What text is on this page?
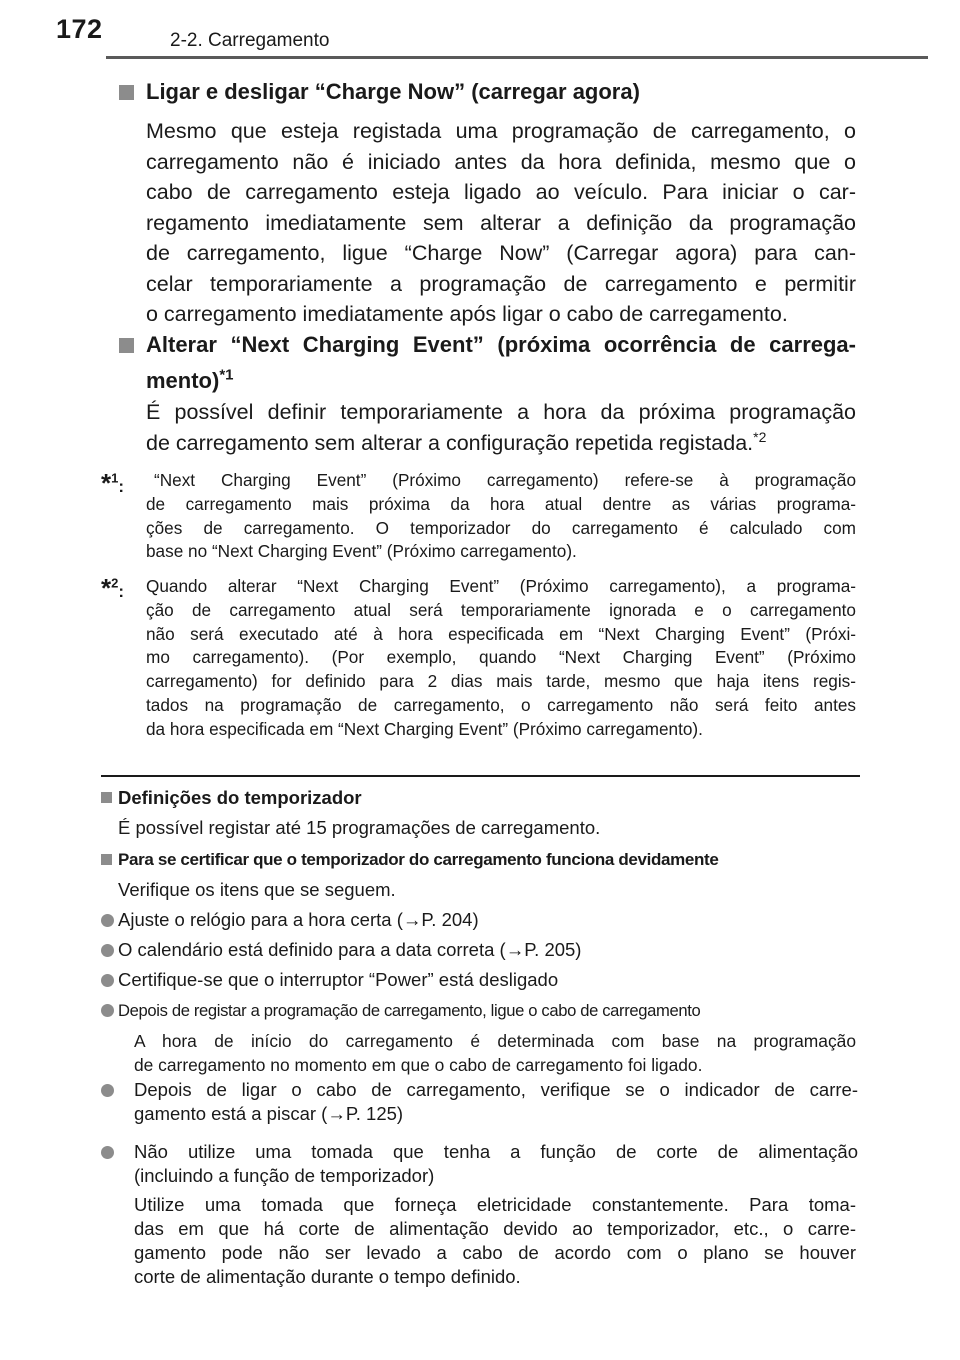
172	2-2. Carregamento
Ligar e desligar “Charge Now” (carregar agora)
Mesmo que esteja registada uma programação de carregamento, o
carregamento não é iniciado antes da hora definida, mesmo que o
cabo de carregamento esteja ligado ao veículo. Para iniciar o car-
regamento imediatamente sem alterar a definição da programação
de carregamento, ligue “Charge Now” (Carregar agora) para can-
celar temporariamente a programação de carregamento e permitir
o carregamento imediatamente após ligar o cabo de carregamento.
Alterar “Next Charging Event” (próxima ocorrência de carrega-
mento)$^{*1}$
É possível definir temporariamente a hora da próxima programação
de carregamento sem alterar a configuração repetida registada.$^{*2}$
*$^1$:	“Next Charging Event” (Próximo carregamento) refere-se à programação
de carregamento mais próxima da hora atual dentre as várias programa-
ções de carregamento. O temporizador do carregamento é calculado com
base no “Next Charging Event” (Próximo carregamento).
*$^2$: Quando alterar “Next Charging Event” (Próximo carregamento), a programa-
ção de carregamento atual será temporariamente ignorada e o carregamento
não será executado até à hora especificada em “Next Charging Event” (Próxi-
mo carregamento). (Por exemplo, quando “Next Charging Event” (Próximo
carregamento) for definido para 2 dias mais tarde, mesmo que haja itens regis-
tados na programação de carregamento, o carregamento não será feito antes
da hora especificada em “Next Charging Event” (Próximo carregamento).
Definições do temporizador
É possível registar até 15 programações de carregamento.
Para se certificar que o temporizador do carregamento funciona devidamente
Verifique os itens que se seguem.
Ajuste o relógio para a hora certa (→P. 204)
O calendário está definido para a data correta (→P. 205)
Certifique-se que o interruptor “Power” está desligado
Depois de registar a programação de carregamento, ligue o cabo de carregamento
A hora de início do carregamento é determinada com base na programação
de carregamento no momento em que o cabo de carregamento foi ligado.
Depois de ligar o cabo de carregamento, verifique se o indicador de carre-
gamento está a piscar (→P. 125)
Não utilize uma tomada que tenha a função de corte de alimentação
(incluindo a função de temporizador)
Utilize uma tomada que forneça eletricidade constantemente. Para toma-
das em que há corte de alimentação devido ao temporizador, etc., o carre-
gamento pode não ser levado a cabo de acordo com o plano se houver
corte de alimentação durante o tempo definido.
